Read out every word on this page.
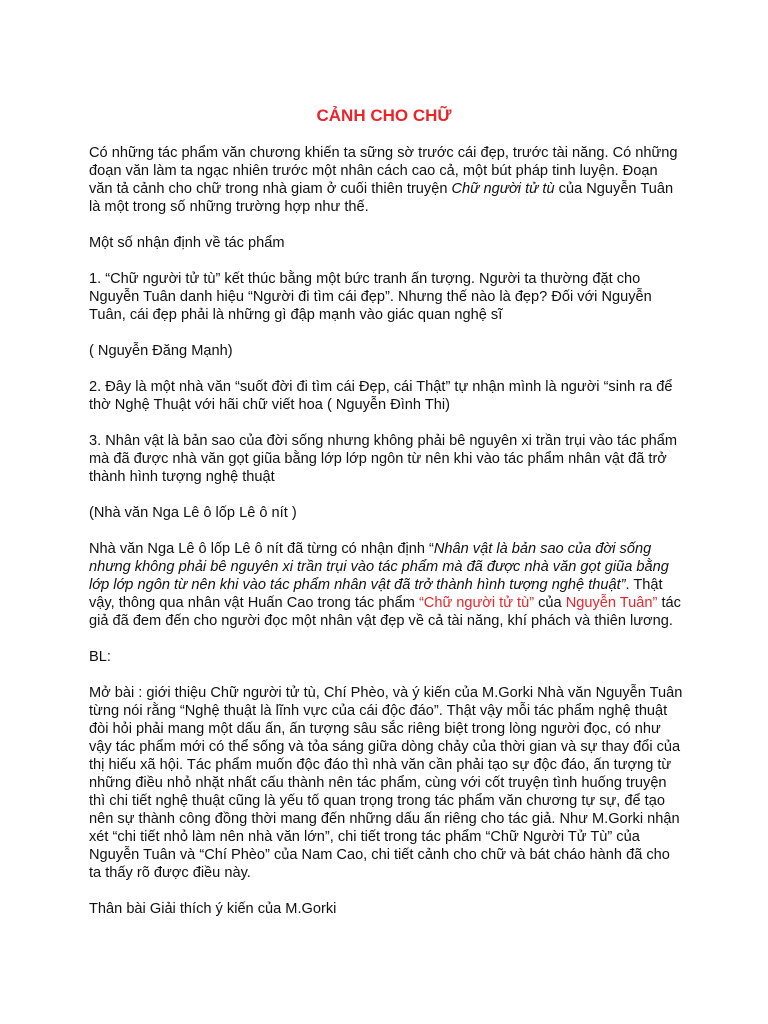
CẢNH CHO CHỮ

Có những tác phẩm văn chương khiến ta sững sờ trước cái đẹp, trước tài năng. Có những đoạn văn làm ta ngạc nhiên trước một nhân cách cao cả, một bút pháp tinh luyện. Đoạn văn tả cảnh cho chữ trong nhà giam ở cuối thiên truyện Chữ người tử tù của Nguyễn Tuân là một trong số những trường hợp như thế.

Một số nhận định về tác phẩm

1. “Chữ người tử tù” kết thúc bằng một bức tranh ấn tượng. Người ta thường đặt cho Nguyễn Tuân danh hiệu “Người đi tìm cái đẹp”. Nhưng thế nào là đẹp? Đối với Nguyễn Tuân, cái đẹp phải là những gì đập mạnh vào giác quan nghệ sĩ

( Nguyễn Đăng Mạnh)

2. Đây là một nhà văn “suốt đời đi tìm cái Đẹp, cái Thật” tự nhận mình là người “sinh ra để thờ Nghệ Thuật với hãi chữ viết hoa ( Nguyễn Đình Thi)

3. Nhân vật là bản sao của đời sống nhưng không phải bê nguyên xi trần trụi vào tác phẩm mà đã được nhà văn gọt giũa bằng lớp lớp ngôn từ nên khi vào tác phẩm nhân vật đã trở thành hình tượng nghệ thuật

(Nhà văn Nga Lê ô lốp Lê ô nít )

Nhà văn Nga Lê ô lốp Lê ô nít đã từng có nhận định “Nhân vật là bản sao của đời sống nhưng không phải bê nguyên xi trần trụi vào tác phẩm mà đã được nhà văn gọt giũa bằng lớp lớp ngôn từ nên khi vào tác phẩm nhân vật đã trở thành hình tượng nghệ thuật”. Thật vậy, thông qua nhân vật Huấn Cao trong tác phẩm “Chữ người tử tù” của Nguyễn Tuân” tác giả đã đem đến cho người đọc một nhân vật đẹp về cả tài năng, khí phách và thiên lương.

BL:

Mở bài : giới thiệu Chữ người tử tù, Chí Phèo, và ý kiến của M.Gorki Nhà văn Nguyễn Tuân từng nói rằng “Nghệ thuật là lĩnh vực của cái độc đáo”. Thật vậy mỗi tác phẩm nghệ thuật đòi hỏi phải mang một dấu ấn, ấn tượng sâu sắc riêng biệt trong lòng người đọc, có như vậy tác phẩm mới có thể sống và tỏa sáng giữa dòng chảy của thời gian và sự thay đổi của thị hiếu xã hội. Tác phẩm muốn độc đáo thì nhà văn cần phải tạo sự độc đáo, ấn tượng từ những điều nhỏ nhặt nhất cấu thành nên tác phẩm, cùng với cốt truyện tình huống truyện thì chi tiết nghệ thuật cũng là yếu tố quan trọng trong tác phẩm văn chương tự sự, để tạo nên sự thành công đồng thời mang đến những dấu ấn riêng cho tác giả. Như M.Gorki nhận xét “chi tiết nhỏ làm nên nhà văn lớn”, chi tiết trong tác phẩm “Chữ Người Tử Tù” của Nguyễn Tuân và “Chí Phèo” của Nam Cao, chi tiết cảnh cho chữ và bát cháo hành đã cho ta thấy rõ được điều này.

Thân bài Giải thích ý kiến của M.Gorki
